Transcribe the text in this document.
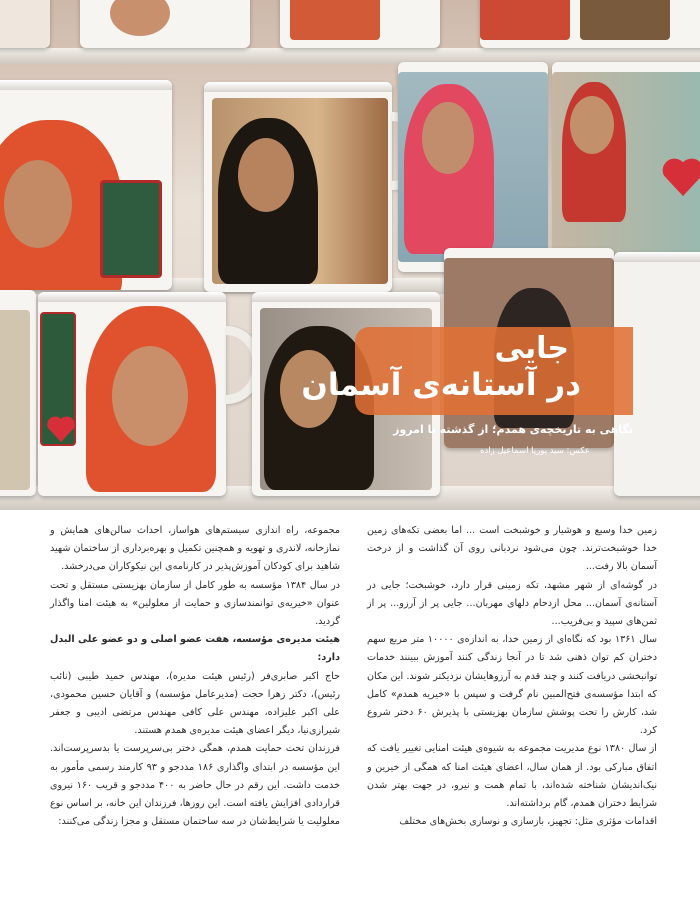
جایی
در آستانه‌ی آسمان
نگاهی به تاریخچه‌ی همدم؛ از گذشته تا امروز
عکس: سید پوریا اسماعیل زاده

زمین خدا وسیع و هوشیار و خوشبخت است ... اما بعضی تکه‌های زمین خدا خوشبخت‌ترند. چون می‌شود نردبانی روی آن گذاشت و از درخت آسمان بالا رفت...

در گوشه‌ای از شهر مشهد، تکه زمینی قرار دارد، خوشبخت؛ جایی در آستانه‌ی آسمان... محل ازدحام دلهای مهربان... جایی پر از آرزو... پر از ثمن‌های سپید و بی‌فریب...

سال ۱۳۶۱ بود که نگاه‌ای از زمین خدا، به اندازه‌ی ۱۰۰۰۰ متر مربع سهم دختران کم توان ذهنی شد تا در آنجا زندگی کنند آموزش ببینند خدمات توانبخشی دریافت کنند و چند قدم به آرزوهایشان نزدیکتر شوند. این مکان که ابتدا مؤسسه‌ی فتح‌المبین نام گرفت و سپس با «خیریه همدم» کامل شد، کارش را تحت پوشش سازمان بهزیستی با پذیرش ۶۰ دختر شروع کرد.

از سال ۱۳۸۰ نوع مدیریت مجموعه به شیوه‌ی هیئت امنایی تغییر یافت که اتفاق مبارکی بود. از همان سال، اعضای هیئت امنا که همگی از خیرین و نیک‌اندیشان شناخته شده‌اند، با تمام همت و نیرو، در جهت بهتر شدن شرایط دختران همدم، گام برداشته‌اند.

اقدامات مؤثری مثل: تجهیز، بازسازی و نوسازی بخش‌های مختلف

مجموعه، راه اندازی سیستم‌های هواساز، احداث سالن‌های همایش و نمازخانه، لاندری و تهویه و همچنین تکمیل و بهره‌برداری از ساختمان شهید شاهید برای کودکان آموزش‌پذیر در کارنامه‌ی این نیکوکاران می‌درخشد.

در سال ۱۳۸۴ مؤسسه به طور کامل از سازمان بهزیستی مستقل و تحت عنوان «خیریه‌ی توانمندسازی و حمایت از معلولین» به هیئت امنا واگذار گردید.

هیئت مدیره‌ی مؤسسه، هفت عضو اصلی و دو عضو علی البدل دارد:

حاج اکبر صابری‌فر (رئیس هیئت مدیره)، مهندس حمید طیبی (نائب رئیس)، دکتر زهرا حجت (مدیرعامل مؤسسه) و آقایان حسین محمودی، علی اکبر علیزاده، مهندس علی کافی مهندس مرتضی ادیبی و جعفر شیرازی‌نیا، دیگر اعضای هیئت مدیره‌ی همدم هستند.

فرزندان تحت حمایت همدم، همگی دختر بی‌سرپرست یا بدسرپرست‌اند. این مؤسسه در ابتدای واگذاری ۱۸۶ مددجو و ۹۳ کارمند رسمی مأمور به خدمت داشت. این رقم در حال حاضر به ۴۰۰ مددجو و قریب ۱۶۰ نیروی قراردادی افزایش یافته است. این روزها، فرزندان این خانه، بر اساس نوع معلولیت یا شرایط‌شان در سه ساختمان مستقل و مجزا زندگی می‌کنند:
